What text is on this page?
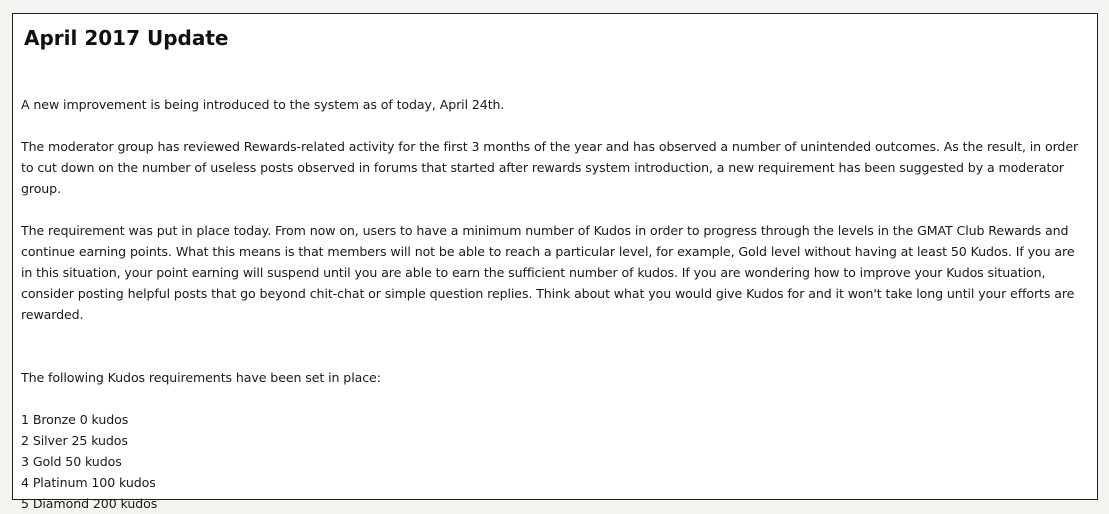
April 2017 Update

A new improvement is being introduced to the system as of today, April 24th.

The moderator group has reviewed Rewards-related activity for the first 3 months of the year and has observed a number of unintended outcomes. As the result, in order to cut down on the number of useless posts observed in forums that started after rewards system introduction, a new requirement has been suggested by a moderator group.

The requirement was put in place today. From now on, users to have a minimum number of Kudos in order to progress through the levels in the GMAT Club Rewards and continue earning points. What this means is that members will not be able to reach a particular level, for example, Gold level without having at least 50 Kudos. If you are in this situation, your point earning will suspend until you are able to earn the sufficient number of kudos. If you are wondering how to improve your Kudos situation, consider posting helpful posts that go beyond chit-chat or simple question replies. Think about what you would give Kudos for and it won't take long until your efforts are rewarded.

The following Kudos requirements have been set in place:

1 Bronze 0 kudos
2 Silver 25 kudos
3 Gold 50 kudos
4 Platinum 100 kudos
5 Diamond 200 kudos
